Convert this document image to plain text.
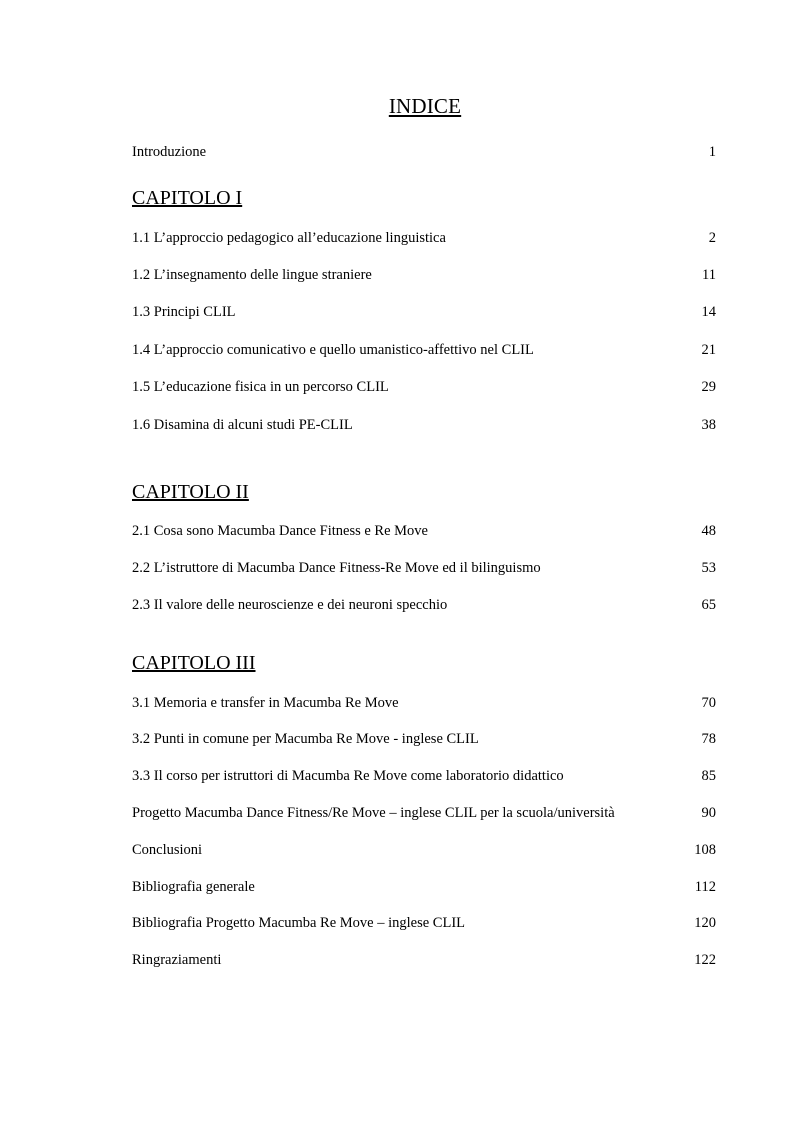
INDICE
Introduzione	1
CAPITOLO I
1.1 L’approccio pedagogico all’educazione linguistica	2
1.2 L’insegnamento delle lingue straniere	11
1.3 Principi CLIL	14
1.4 L’approccio comunicativo e quello umanistico-affettivo nel CLIL	21
1.5 L’educazione fisica in un percorso CLIL	29
1.6 Disamina di alcuni studi PE-CLIL	38
CAPITOLO II
2.1 Cosa sono Macumba Dance Fitness e Re Move	48
2.2 L’istruttore di Macumba Dance Fitness-Re Move ed il bilinguismo	53
2.3 Il valore delle neuroscienze e dei neuroni specchio	65
CAPITOLO III
3.1 Memoria e transfer in Macumba Re Move	70
3.2 Punti in comune per Macumba Re Move - inglese CLIL	78
3.3 Il corso per istruttori di Macumba Re Move come laboratorio didattico	85
Progetto Macumba Dance Fitness/Re Move – inglese CLIL per la scuola/università	90
Conclusioni	108
Bibliografia generale	112
Bibliografia Progetto Macumba Re Move – inglese CLIL	120
Ringraziamenti	122
